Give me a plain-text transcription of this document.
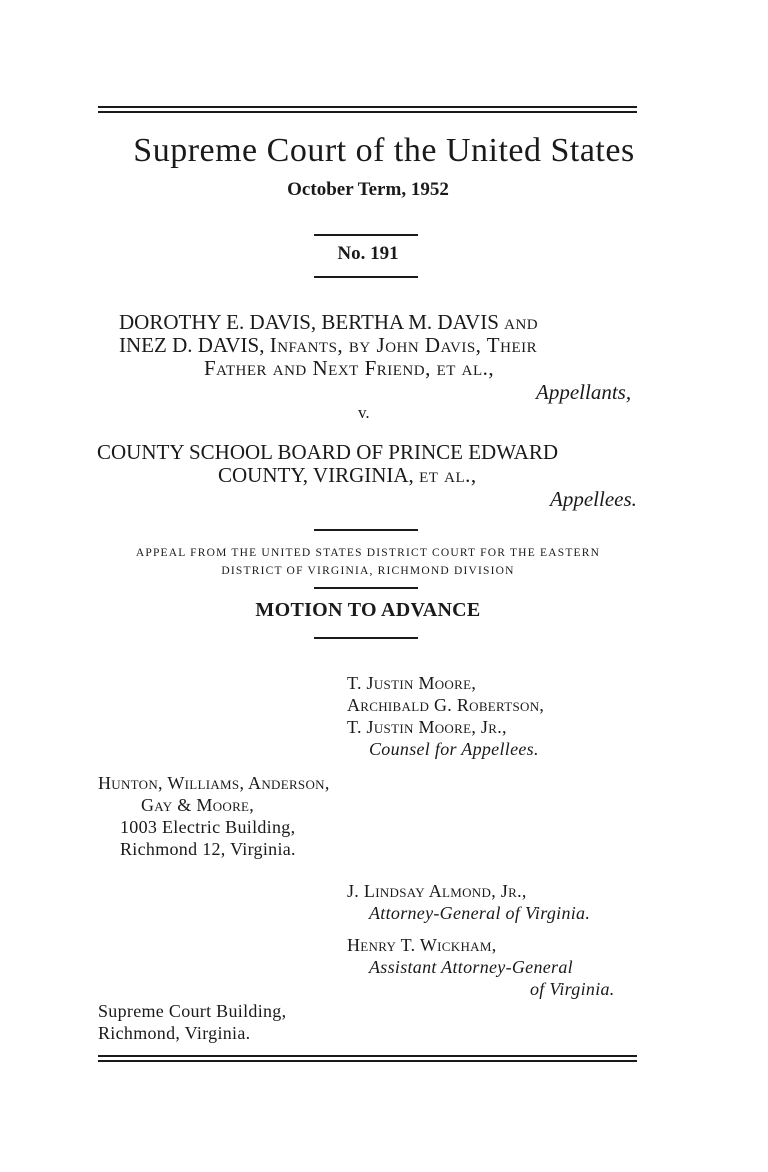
Supreme Court of the United States
October Term, 1952
No. 191
DOROTHY E. DAVIS, BERTHA M. DAVIS and
INEZ D. DAVIS, Infants, by John Davis, Their
Father and Next Friend, et al.,
Appellants,
v.
COUNTY SCHOOL BOARD OF PRINCE EDWARD
COUNTY, VIRGINIA, et al.,
Appellees.
APPEAL FROM THE UNITED STATES DISTRICT COURT FOR THE EASTERN
DISTRICT OF VIRGINIA, RICHMOND DIVISION
MOTION TO ADVANCE
T. Justin Moore,
Archibald G. Robertson,
T. Justin Moore, Jr.,
Counsel for Appellees.
Hunton, Williams, Anderson,
Gay & Moore,
1003 Electric Building,
Richmond 12, Virginia.
J. Lindsay Almond, Jr.,
Attorney-General of Virginia.
Henry T. Wickham,
Assistant Attorney-General
of Virginia.
Supreme Court Building,
Richmond, Virginia.
